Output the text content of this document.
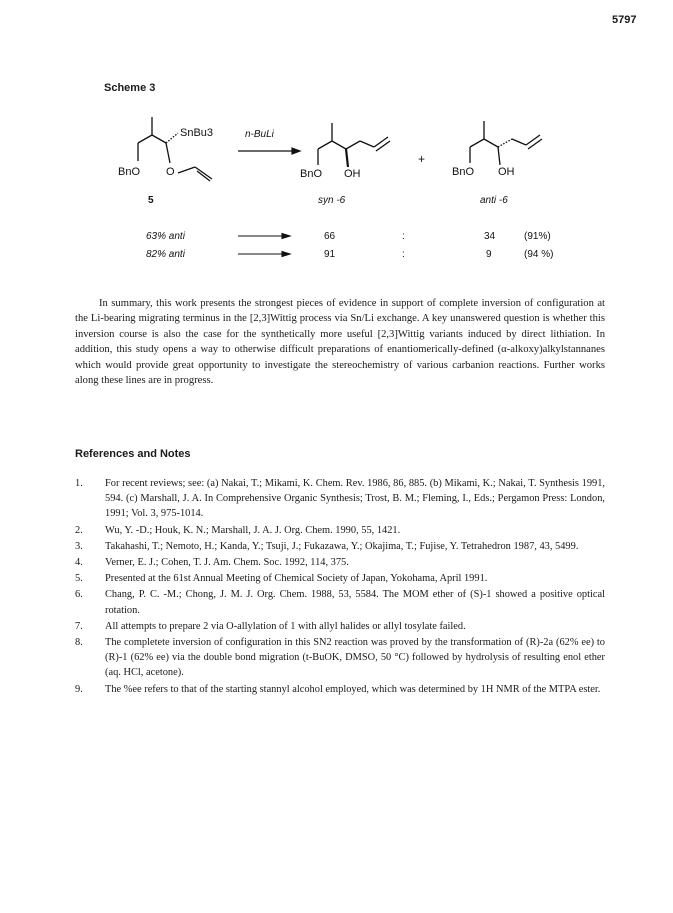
5797
Scheme 3
SnBu3
BnO O
5
n-BuLi
BnO OH
syn -6
+
BnO OH
anti -6
63% anti	66	:	34	(91%)
82% anti	91	:	9	(94 %)
In summary, this work presents the strongest pieces of evidence in support of complete inversion of configuration at the Li-bearing migrating terminus in the [2,3]Wittig process via Sn/Li exchange. A key unanswered question is whether this inversion course is also the case for the synthetically more useful [2,3]Wittig variants induced by direct lithiation. In addition, this study opens a way to otherwise difficult preparations of enantiomerically-defined (α-alkoxy)alkylstannanes which would provide great opportunity to investigate the stereochemistry of various carbanion reactions. Further works along these lines are in progress.
References and Notes
1.	For recent reviews; see: (a) Nakai, T.; Mikami, K. Chem. Rev. 1986, 86, 885. (b) Mikami, K.; Nakai, T. Synthesis 1991, 594. (c) Marshall, J. A. In Comprehensive Organic Synthesis; Trost, B. M.; Fleming, I., Eds.; Pergamon Press: London, 1991; Vol. 3, 975-1014.
2.	Wu, Y. -D.; Houk, K. N.; Marshall, J. A. J. Org. Chem. 1990, 55, 1421.
3.	Takahashi, T.; Nemoto, H.; Kanda, Y.; Tsuji, J.; Fukazawa, Y.; Okajima, T.; Fujise, Y. Tetrahedron 1987, 43, 5499.
4.	Verner, E. J.; Cohen, T. J. Am. Chem. Soc. 1992, 114, 375.
5.	Presented at the 61st Annual Meeting of Chemical Society of Japan, Yokohama, April 1991.
6.	Chang, P. C. -M.; Chong, J. M. J. Org. Chem. 1988, 53, 5584. The MOM ether of (S)-1 showed a positive optical rotation.
7.	All attempts to prepare 2 via O-allylation of 1 with allyl halides or allyl tosylate failed.
8.	The completete inversion of configuration in this SN2 reaction was proved by the transformation of (R)-2a (62% ee) to (R)-1 (62% ee) via the double bond migration (t-BuOK, DMSO, 50 °C) followed by hydrolysis of resulting enol ether (aq. HCl, acetone).
9.	The %ee refers to that of the starting stannyl alcohol employed, which was determined by 1H NMR of the MTPA ester.
